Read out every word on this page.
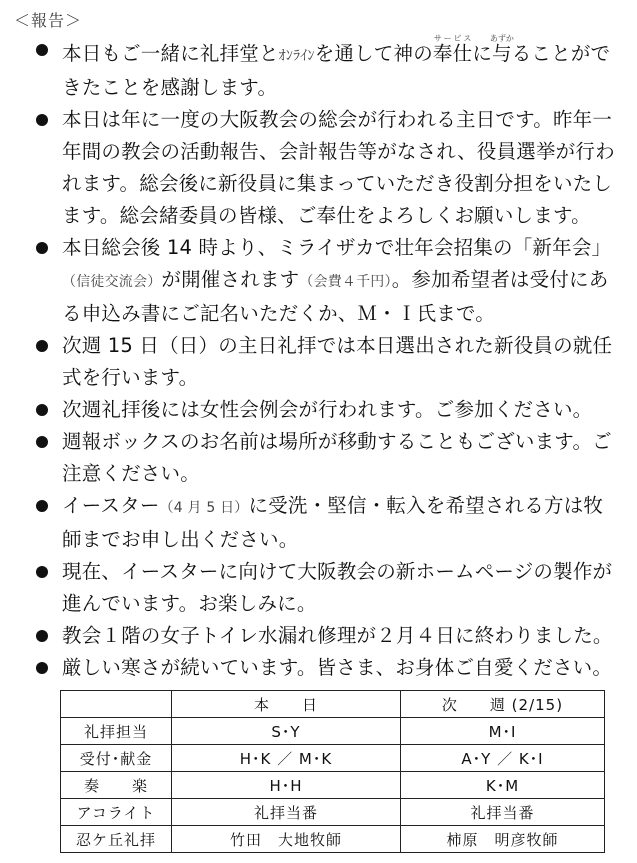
＜報告＞
本日もご一緒に礼拝堂とｵﾝﾗｲﾝを通して神の奉仕サービスに与あずかることができたことを感謝します。
本日は年に一度の大阪教会の総会が行われる主日です。昨年一年間の教会の活動報告、会計報告等がなされ、役員選挙が行われます。総会後に新役員に集まっていただき役割分担をいたします。総会緒委員の皆様、ご奉仕をよろしくお願いします。
本日総会後 14 時より、ミライザカで壮年会招集の「新年会」（信徒交流会）が開催されます（会費４千円）。参加希望者は受付にある申込み書にご記名いただくか、Ｍ・Ｉ氏まで。
次週 15 日（日）の主日礼拝では本日選出された新役員の就任式を行います。
次週礼拝後には女性会例会が行われます。ご参加ください。
週報ボックスのお名前は場所が移動することもございます。ご注意ください。
イースター（4 月 5 日）に受洗・堅信・転入を希望される方は牧師までお申し出ください。
現在、イースターに向けて大阪教会の新ホームページの製作が進んでいます。お楽しみに。
教会１階の女子トイレ水漏れ修理が２月４日に終わりました。
厳しい寒さが続いています。皆さま、お身体ご自愛ください。
	本　　日	次　　週 (2/15)
礼拝担当	S･Y	M･I
受付･献金	H･K ／ M･K	A･Y ／ K･I
奏　　楽	H･H	K･M
アコライト	礼拝当番	礼拝当番
忍ケ丘礼拝	竹田　大地牧師	柿原　明彦牧師
